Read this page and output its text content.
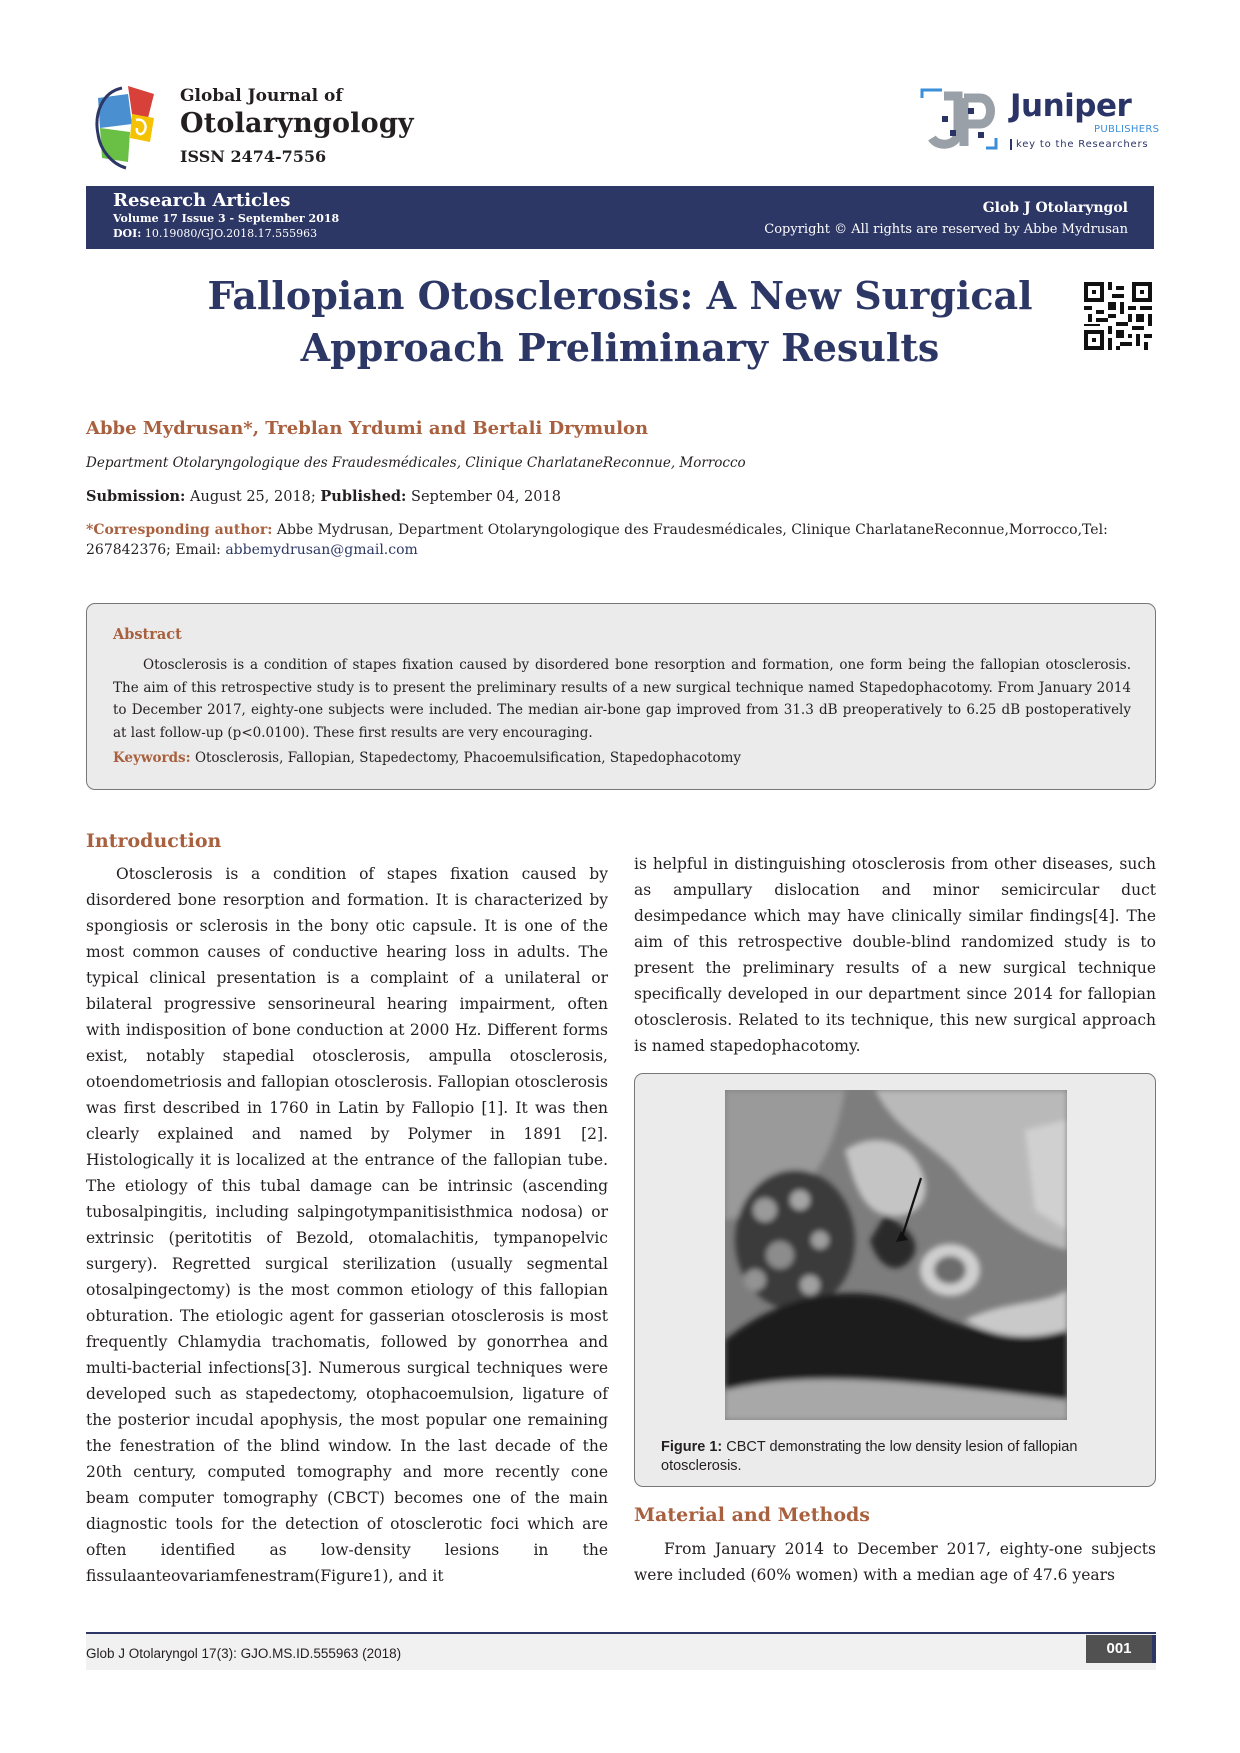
Global Journal of
Otolaryngology
ISSN 2474-7556
Juniper
PUBLISHERS
key to the Researchers
Research Articles
Volume 17 Issue 3 - September 2018
DOI: 10.19080/GJO.2018.17.555963
Glob J Otolaryngol
Copyright © All rights are reserved by Abbe Mydrusan
Fallopian Otosclerosis: A New Surgical
Approach Preliminary Results
Abbe Mydrusan*, Treblan Yrdumi and Bertali Drymulon
Department Otolaryngologique des Fraudesmédicales, Clinique CharlataneReconnue, Morrocco
Submission: August 25, 2018; Published: September 04, 2018
*Corresponding author: Abbe Mydrusan, Department Otolaryngologique des Fraudesmédicales, Clinique CharlataneReconnue,Morrocco,Tel: 267842376; Email: abbemydrusan@gmail.com
Abstract
Otosclerosis is a condition of stapes fixation caused by disordered bone resorption and formation, one form being the fallopian otosclerosis. The aim of this retrospective study is to present the preliminary results of a new surgical technique named Stapedophacotomy. From January 2014 to December 2017, eighty-one subjects were included. The median air-bone gap improved from 31.3 dB preoperatively to 6.25 dB postoperatively at last follow-up (p<0.0100). These first results are very encouraging.
Keywords: Otosclerosis, Fallopian, Stapedectomy, Phacoemulsification, Stapedophacotomy
Introduction
Otosclerosis is a condition of stapes fixation caused by disordered bone resorption and formation. It is characterized by spongiosis or sclerosis in the bony otic capsule. It is one of the most common causes of conductive hearing loss in adults. The typical clinical presentation is a complaint of a unilateral or bilateral progressive sensorineural hearing impairment, often with indisposition of bone conduction at 2000 Hz. Different forms exist, notably stapedial otosclerosis, ampulla otosclerosis, otoendometriosis and fallopian otosclerosis. Fallopian otosclerosis was first described in 1760 in Latin by Fallopio [1]. It was then clearly explained and named by Polymer in 1891 [2]. Histologically it is localized at the entrance of the fallopian tube. The etiology of this tubal damage can be intrinsic (ascending tubosalpingitis, including salpingotympanitisisthmica nodosa) or extrinsic (peritotitis of Bezold, otomalachitis, tympanopelvic surgery). Regretted surgical sterilization (usually segmental otosalpingectomy) is the most common etiology of this fallopian obturation. The etiologic agent for gasserian otosclerosis is most frequently Chlamydia trachomatis, followed by gonorrhea and multi-bacterial infections[3]. Numerous surgical techniques were developed such as stapedectomy, otophacoemulsion, ligature of the posterior incudal apophysis, the most popular one remaining the fenestration of the blind window. In the last decade of the 20th century, computed tomography and more recently cone beam computer tomography (CBCT) becomes one of the main diagnostic tools for the detection of otosclerotic foci which are often identified as low-density lesions in the fissulaanteovariamfenestram(Figure1), and it
is helpful in distinguishing otosclerosis from other diseases, such as ampullary dislocation and minor semicircular duct desimpedance which may have clinically similar findings[4]. The aim of this retrospective double-blind randomized study is to present the preliminary results of a new surgical technique specifically developed in our department since 2014 for fallopian otosclerosis. Related to its technique, this new surgical approach is named stapedophacotomy.
Figure 1: CBCT demonstrating the low density lesion of fallopian otosclerosis.
Material and Methods
From January 2014 to December 2017, eighty-one subjects were included (60% women) with a median age of 47.6 years
Glob J Otolaryngol 17(3): GJO.MS.ID.555963 (2018)	001
